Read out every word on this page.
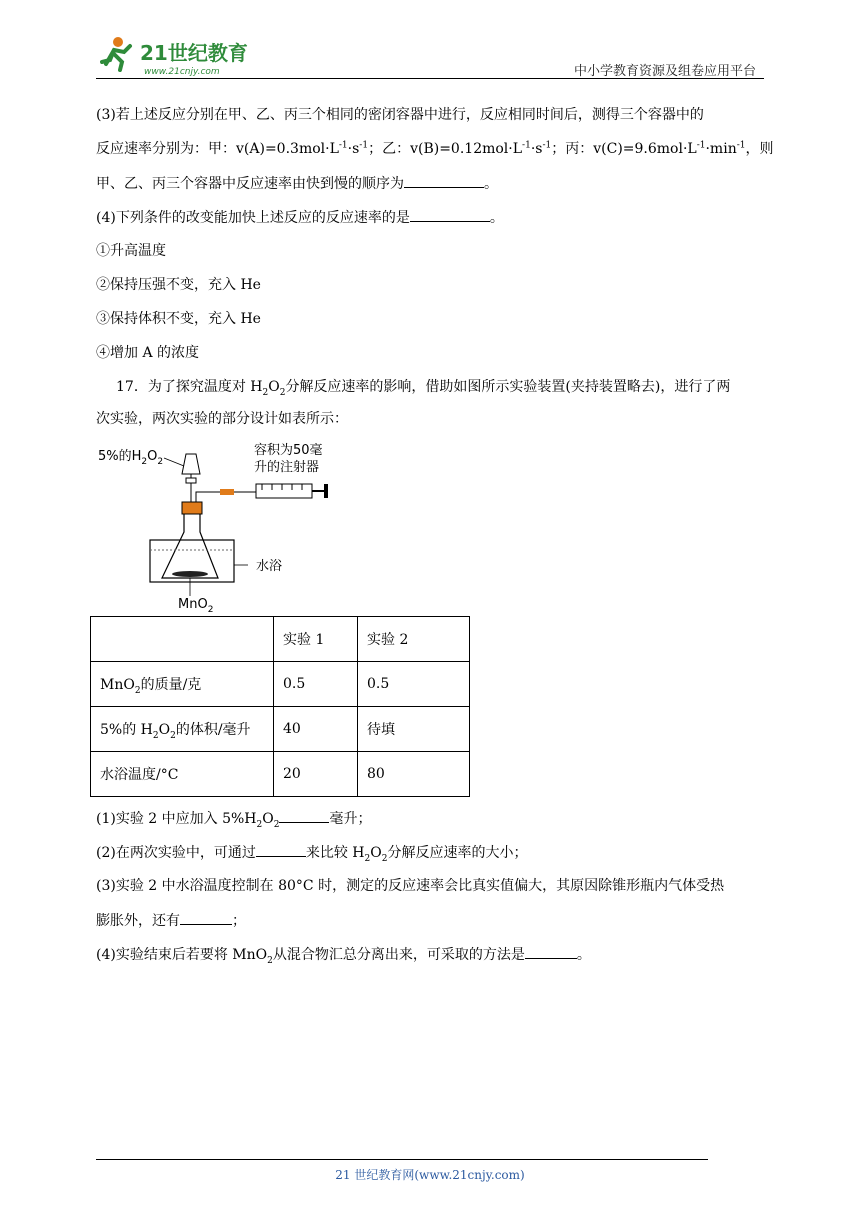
21世纪教育
www.21cnjy.com	中小学教育资源及组卷应用平台
(3)若上述反应分别在甲、乙、丙三个相同的密闭容器中进行，反应相同时间后，测得三个容器中的
反应速率分别为：甲：$v(A)=0.3mol\cdot L^{-1}\cdot s^{-1}$；乙：$v(B)=0.12mol\cdot L^{-1}\cdot s^{-1}$；丙：$v(C)=9.6mol\cdot L^{-1}\cdot\min^{-1}$，则
甲、乙、丙三个容器中反应速率由快到慢的顺序为	。
(4)下列条件的改变能加快上述反应的反应速率的是	。
①升高温度
②保持压强不变，充入 He
③保持体积不变，充入 He
④增加 A 的浓度
17．为了探究温度对 $H_2O_2$分解反应速率的影响，借助如图所示实验装置(夹持装置略去)，进行了两
次实验，两次实验的部分设计如表所示：
5%的$H_2O_2$
容积为50毫
升的注射器
水浴
MnO$_2$
	实验 1	实验 2
MnO$_2$的质量/克	0.5	0.5
5%的 $H_2O_2$的体积/毫升	40	待填
水浴温度/°C	20	80
(1)实验 2 中应加入 $5\%H_2O_2$	毫升；
(2)在两次实验中，可通过	来比较 $H_2O_2$分解反应速率的大小；
(3)实验 2 中水浴温度控制在 80°C 时，测定的反应速率会比真实值偏大，其原因除锥形瓶内气体受热
膨胀外，还有	；
(4)实验结束后若要将 MnO$_2$从混合物汇总分离出来，可采取的方法是	。
21 世纪教育网(www.21cnjy.com)
